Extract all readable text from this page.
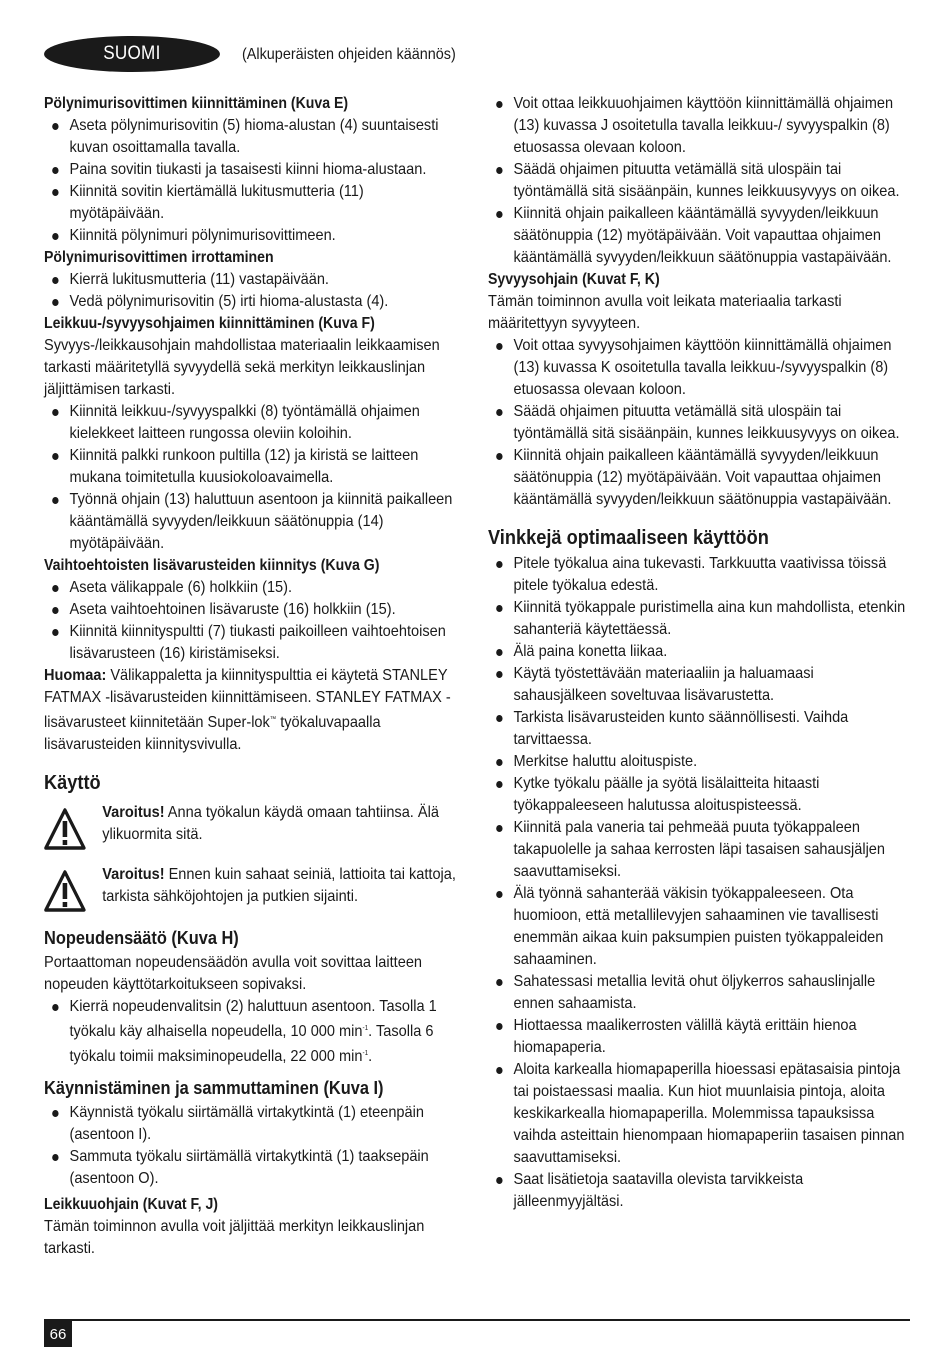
SUOMI	(Alkuperäisten ohjeiden käännös)
Pölynimurisovittimen kiinnittäminen (Kuva E)
Aseta pölynimurisovitin (5) hioma-alustan (4) suuntaisesti kuvan osoittamalla tavalla.
Paina sovitin tiukasti ja tasaisesti kiinni hioma-alustaan.
Kiinnitä sovitin kiertämällä lukitusmutteria (11) myötäpäivään.
Kiinnitä pölynimuri pölynimurisovittimeen.
Pölynimurisovittimen irrottaminen
Kierrä lukitusmutteria (11) vastapäivään.
Vedä pölynimurisovitin (5) irti hioma-alustasta (4).
Leikkuu-/syvyysohjaimen kiinnittäminen (Kuva F)

Syvyys-/leikkausohjain mahdollistaa materiaalin leikkaamisen tarkasti määritetyllä syvyydellä sekä merkityn leikkauslinjan jäljittämisen tarkasti.

Kiinnitä leikkuu-/syvyyspalkki (8) työntämällä ohjaimen kielekkeet laitteen rungossa oleviin koloihin.
Kiinnitä palkki runkoon pultilla (12) ja kiristä se laitteen mukana toimitetulla kuusiokoloavaimella.
Työnnä ohjain (13) haluttuun asentoon ja kiinnitä paikalleen kääntämällä syvyyden/leikkuun säätönuppia (14) myötäpäivään.
Vaihtoehtoisten lisävarusteiden kiinnitys (Kuva G)
Aseta välikappale (6) holkkiin (15).
Aseta vaihtoehtoinen lisävaruste (16) holkkiin (15).
Kiinnitä kiinnityspultti (7) tiukasti paikoilleen vaihtoehtoisen lisävarusteen (16) kiristämiseksi.

Huomaa: Välikappaletta ja kiinnityspulttia ei käytetä STANLEY FATMAX -lisävarusteiden kiinnittämiseen. STANLEY FATMAX -lisävarusteet kiinnitetään Super-lok™ työkaluvapaalla lisävarusteiden kiinnitysvivulla.

Käyttö

Varoitus! Anna työkalun käydä omaan tahtiinsa. Älä ylikuormita sitä.

Varoitus! Ennen kuin sahaat seiniä, lattioita tai kattoja, tarkista sähköjohtojen ja putkien sijainti.

Nopeudensäätö (Kuva H)

Portaattoman nopeudensäädön avulla voit sovittaa laitteen nopeuden käyttötarkoitukseen sopivaksi.

Kierrä nopeudenvalitsin (2) haluttuun asentoon. Tasolla 1 työkalu käy alhaisella nopeudella, 10 000 $\min^{-1}$. Tasolla 6 työkalu toimii maksiminopeudella, 22 000 $\min^{-1}$.
Käynnistäminen ja sammuttaminen (Kuva I)
Käynnistä työkalu siirtämällä virtakytkintä (1) eteenpäin (asentoon I).
Sammuta työkalu siirtämällä virtakytkintä (1) taaksepäin (asentoon O).
Leikkuuohjain (Kuvat F, J)

Tämän toiminnon avulla voit jäljittää merkityn leikkauslinjan tarkasti.

Voit ottaa leikkuuohjaimen käyttöön kiinnittämällä ohjaimen (13) kuvassa J osoitetulla tavalla leikkuu-/ syvyyspalkin (8) etuosassa olevaan koloon.
Säädä ohjaimen pituutta vetämällä sitä ulospäin tai työntämällä sitä sisäänpäin, kunnes leikkuusyvyys on oikea.
Kiinnitä ohjain paikalleen kääntämällä syvyyden/leikkuun säätönuppia (12) myötäpäivään. Voit vapauttaa ohjaimen kääntämällä syvyyden/leikkuun säätönuppia vastapäivään.
Syvyysohjain (Kuvat F, K)

Tämän toiminnon avulla voit leikata materiaalia tarkasti määritettyyn syvyyteen.

Voit ottaa syvyysohjaimen käyttöön kiinnittämällä ohjaimen (13) kuvassa K osoitetulla tavalla leikkuu-/syvyyspalkin (8) etuosassa olevaan koloon.
Säädä ohjaimen pituutta vetämällä sitä ulospäin tai työntämällä sitä sisäänpäin, kunnes leikkuusyvyys on oikea.
Kiinnitä ohjain paikalleen kääntämällä syvyyden/leikkuun säätönuppia (12) myötäpäivään. Voit vapauttaa ohjaimen kääntämällä syvyyden/leikkuun säätönuppia vastapäivään.
Vinkkejä optimaaliseen käyttöön
Pitele työkalua aina tukevasti. Tarkkuutta vaativissa töissä pitele työkalua edestä.
Kiinnitä työkappale puristimella aina kun mahdollista, etenkin sahanteriä käytettäessä.
Älä paina konetta liikaa.
Käytä työstettävään materiaaliin ja haluamaasi sahausjälkeen soveltuvaa lisävarustetta.
Tarkista lisävarusteiden kunto säännöllisesti. Vaihda tarvittaessa.
Merkitse haluttu aloituspiste.
Kytke työkalu päälle ja syötä lisälaitteita hitaasti työkappaleeseen halutussa aloituspisteessä.
Kiinnitä pala vaneria tai pehmeää puuta työkappaleen takapuolelle ja sahaa kerrosten läpi tasaisen sahausjäljen saavuttamiseksi.
Älä työnnä sahanterää väkisin työkappaleeseen. Ota huomioon, että metallilevyjen sahaaminen vie tavallisesti enemmän aikaa kuin paksumpien puisten työkappaleiden sahaaminen.
Sahatessasi metallia levitä ohut öljykerros sahauslinjalle ennen sahaamista.
Hiottaessa maalikerrosten välillä käytä erittäin hienoa hiomapaperia.
Aloita karkealla hiomapaperilla hioessasi epätasaisia pintoja tai poistaessasi maalia. Kun hiot muunlaisia pintoja, aloita keskikarkealla hiomapaperilla. Molemmissa tapauksissa vaihda asteittain hienompaan hiomapaperiin tasaisen pinnan saavuttamiseksi.
Saat lisätietoja saatavilla olevista tarvikkeista jälleenmyyjältäsi.
66
